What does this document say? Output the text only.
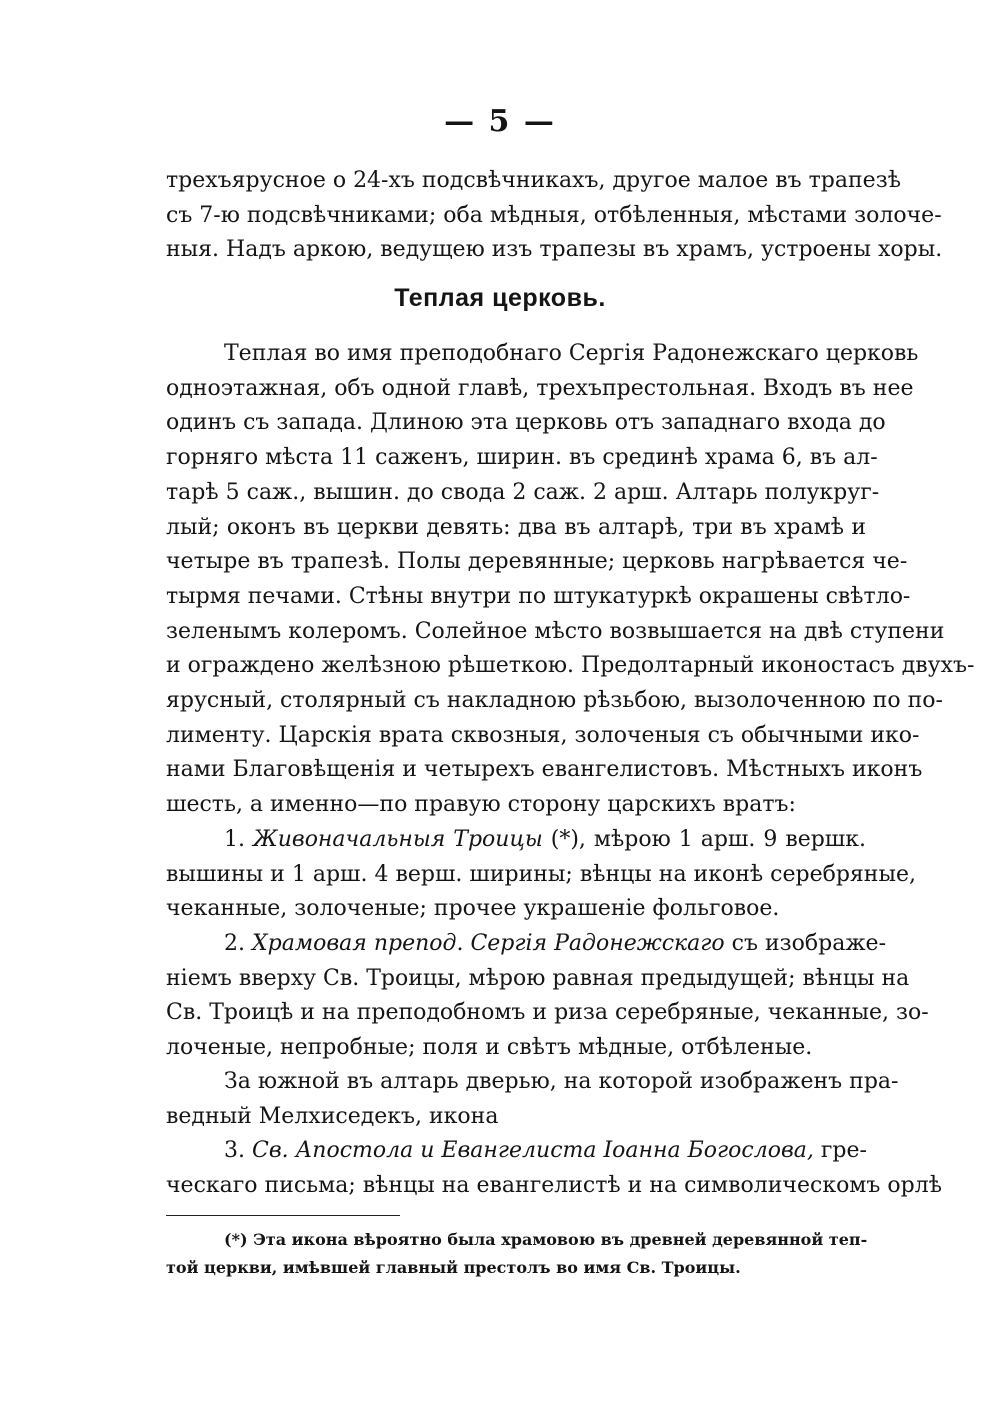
— 5 —
трехъярусное о 24-хъ подсвѣчникахъ, другое малое въ трапезѣ
съ 7-ю подсвѣчниками; оба мѣдныя, отбѣленныя, мѣстами золоче-
ныя. Надъ аркою, ведущею изъ трапезы въ храмъ, устроены хоры.
Теплая церковь.
Теплая во имя преподобнаго Сергія Радонежскаго церковь
одноэтажная, объ одной главѣ, трехъпрестольная. Входъ въ нее
одинъ съ запада. Длиною эта церковь отъ западнаго входа до
горняго мѣста 11 саженъ, ширин. въ срединѣ храма 6, въ ал-
тарѣ 5 саж., вышин. до свода 2 саж. 2 арш. Алтарь полукруг-
лый; оконъ въ церкви девять: два въ алтарѣ, три въ храмѣ и
четыре въ трапезѣ. Полы деревянные; церковь нагрѣвается че-
тырмя печами. Стѣны внутри по штукатуркѣ окрашены свѣтло-
зеленымъ колеромъ. Солейное мѣсто возвышается на двѣ ступени
и ограждено желѣзною рѣшеткою. Предолтарный иконостасъ двухъ-
ярусный, столярный съ накладною рѣзьбою, вызолоченною по по-
лименту. Царскія врата сквозныя, золоченыя съ обычными ико-
нами Благовѣщенія и четырехъ евангелистовъ. Мѣстныхъ иконъ
шесть, а именно—по правую сторону царскихъ вратъ:
1. Живоначальныя Троицы (*), мѣрою 1 арш. 9 вершк.
вышины и 1 арш. 4 верш. ширины; вѣнцы на иконѣ серебряные,
чеканные, золоченые; прочее украшеніе фольговое.
2. Храмовая препод. Сергія Радонежскаго съ изображе-
ніемъ вверху Св. Троицы, мѣрою равная предыдущей; вѣнцы на
Св. Троицѣ и на преподобномъ и риза серебряные, чеканные, зо-
лоченые, непробные; поля и свѣтъ мѣдные, отбѣленые.
За южной въ алтарь дверью, на которой изображенъ пра-
ведный Мелхиседекъ, икона
3. Св. Апостола и Евангелиста Іоанна Богослова, гре-
ческаго письма; вѣнцы на евангелистѣ и на символическомъ орлѣ
(*) Эта икона вѣроятно была храмовою въ древней деревянной теп-
той церкви, имѣвшей главный престолъ во имя Св. Троицы.
